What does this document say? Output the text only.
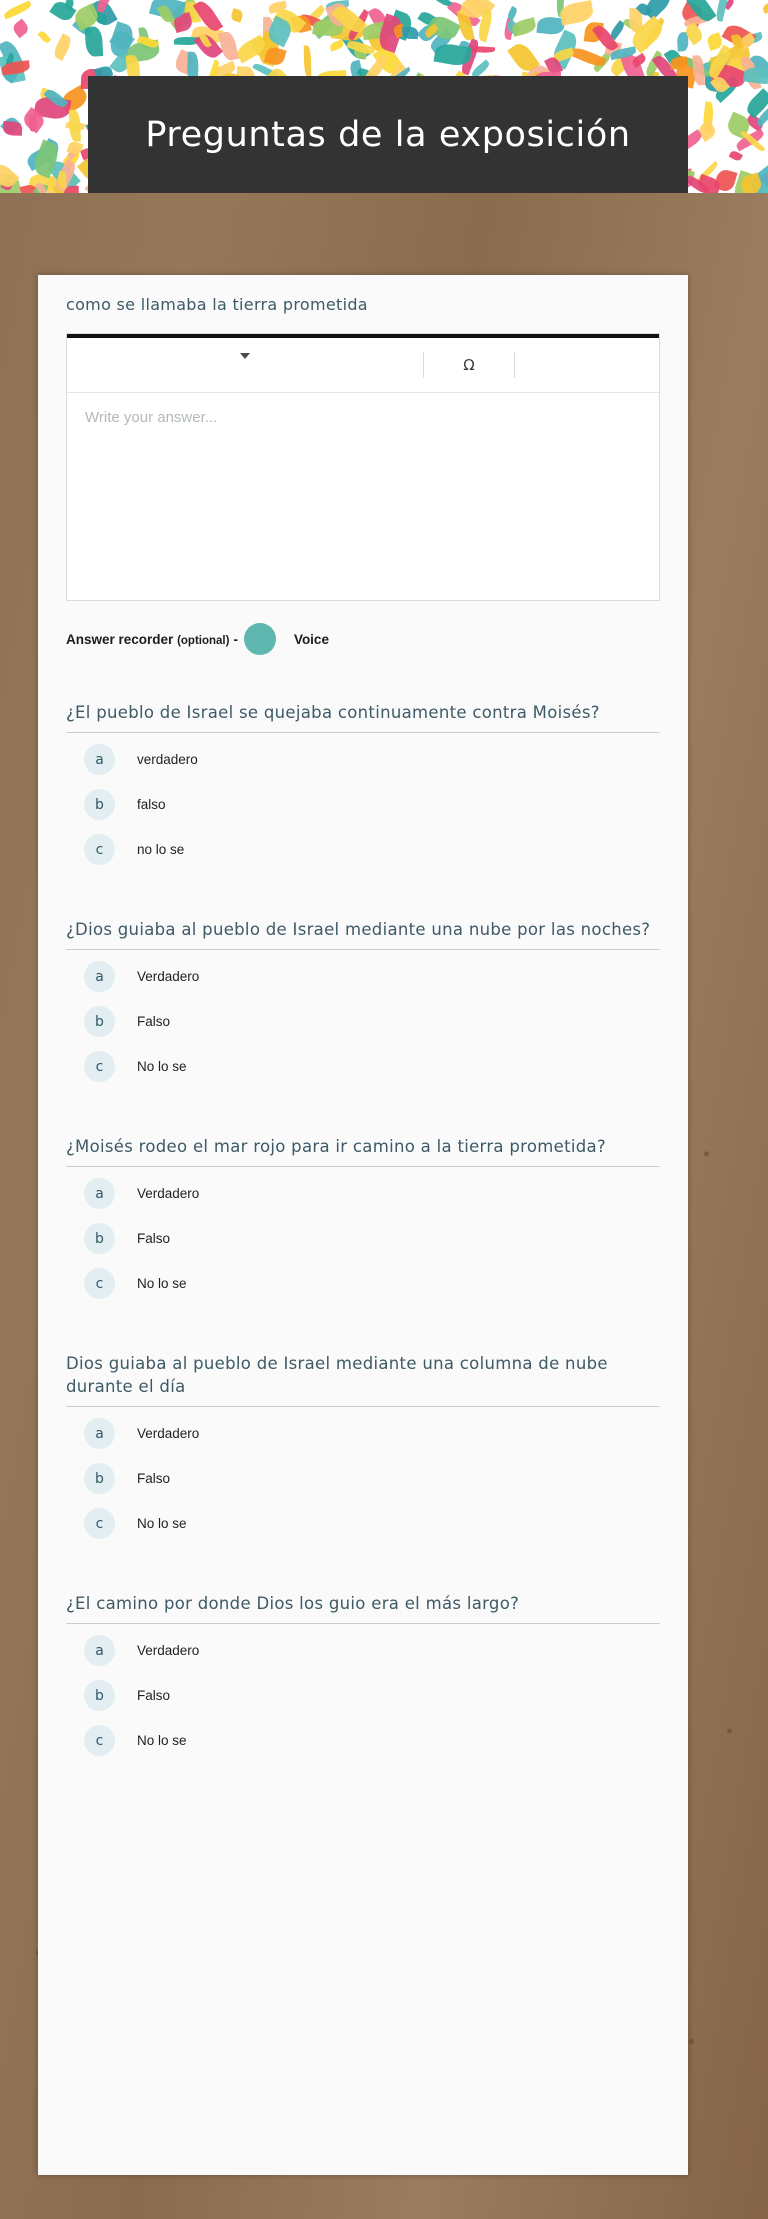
Preguntas de la exposición

como se llamaba la tierra prometida

Ω
Write your answer...
Answer recorder (optional) -	Voice

¿El pueblo de Israel se quejaba continuamente contra Moisés?

a	verdadero
b	falso
c	no lo se

¿Dios guiaba al pueblo de Israel mediante una nube por las noches?

a	Verdadero
b	Falso
c	No lo se

¿Moisés rodeo el mar rojo para ir camino a la tierra prometida?

a	Verdadero
b	Falso
c	No lo se

Dios guiaba al pueblo de Israel mediante una columna de nube durante el día

a	Verdadero
b	Falso
c	No lo se

¿El camino por donde Dios los guio era el más largo?

a	Verdadero
b	Falso
c	No lo se
